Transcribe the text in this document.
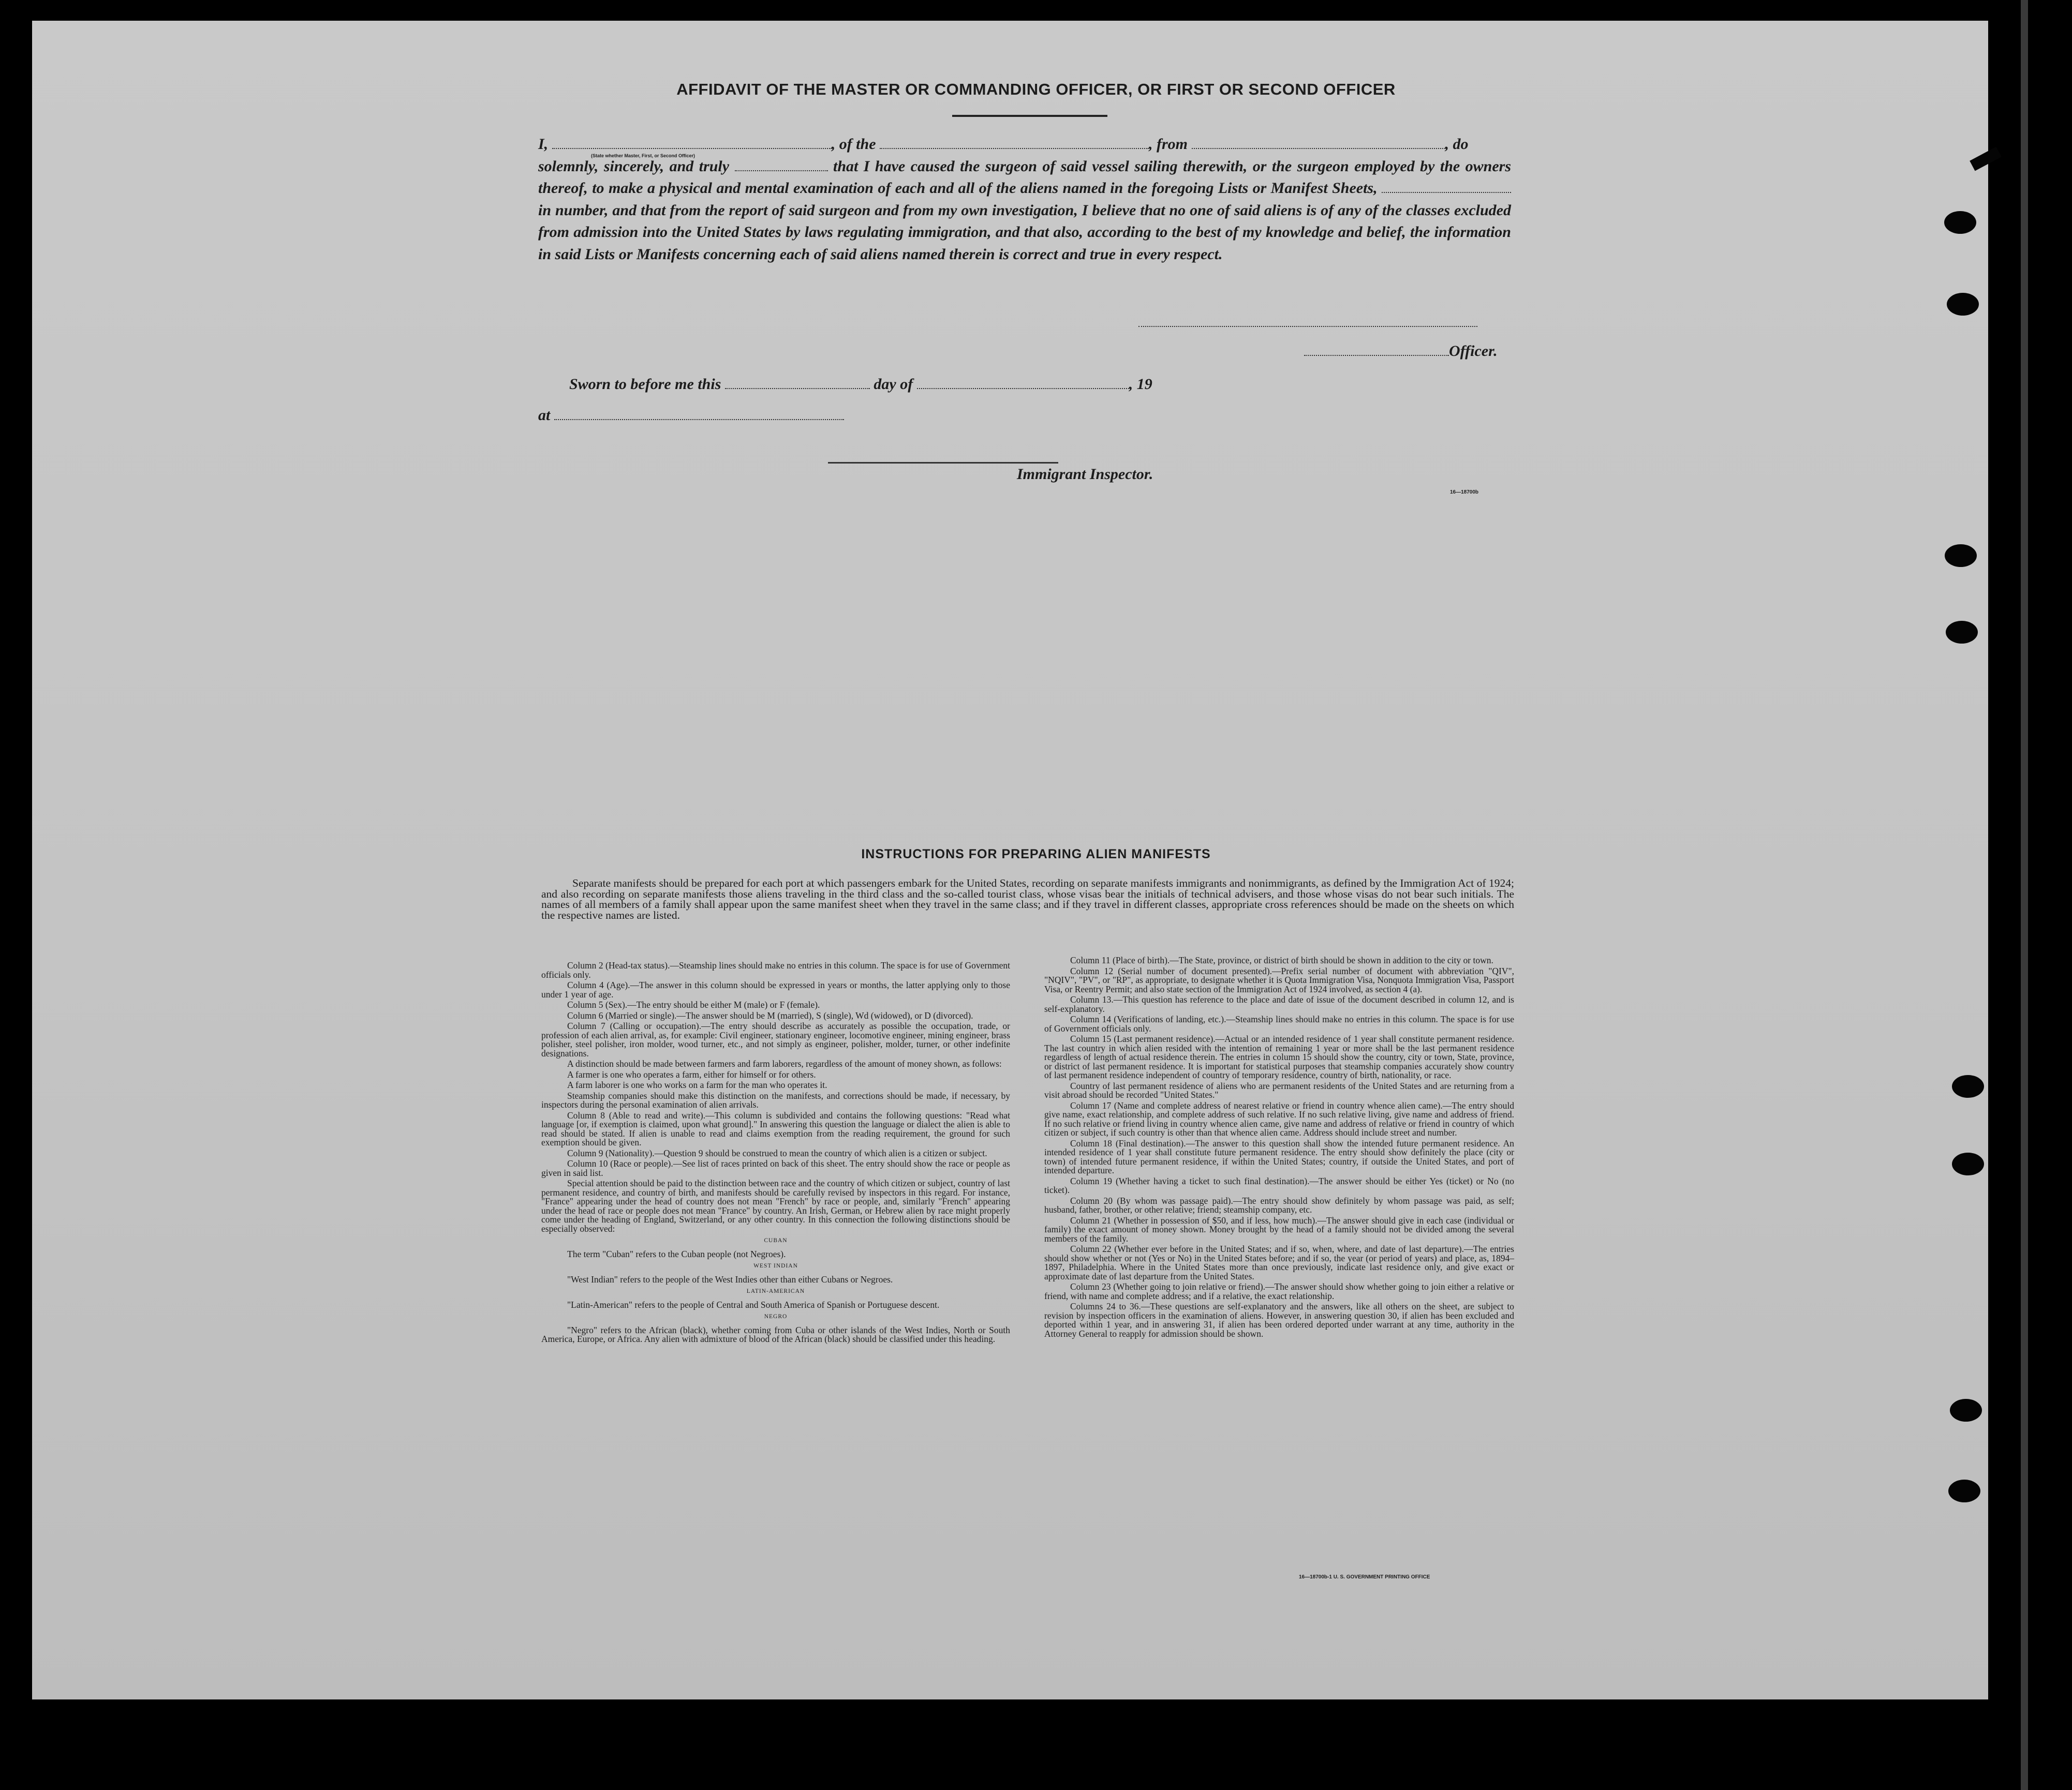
AFFIDAVIT OF THE MASTER OR COMMANDING OFFICER, OR FIRST OR SECOND OFFICER
I,	, of the	, from	, do
solemnly, sincerely, and truly	that I have caused the surgeon of said vessel sailing therewith, or the surgeon employed by the owners thereof, to make a physical and mental examination of each and all of the aliens named in the foregoing Lists or Manifest Sheets,  in number, and that from the report of said surgeon and from my own investigation, I believe that no one of said aliens is of any of the classes excluded from admission into the United States by laws regulating immigration, and that also, according to the best of my knowledge and belief, the information in said Lists or Manifests concerning each of said aliens named therein is correct and true in every respect.
(State whether Master, First, or Second Officer)
Officer.
Sworn to before me this	day of	, 19
at
Immigrant Inspector.
16—18700b
INSTRUCTIONS FOR PREPARING ALIEN MANIFESTS
Separate manifests should be prepared for each port at which passengers embark for the United States, recording on separate manifests immigrants and nonimmigrants, as defined by the Immigration Act of 1924; and also recording on separate manifests those aliens traveling in the third class and the so-called tourist class, whose visas bear the initials of technical advisers, and those whose visas do not bear such initials. The names of all members of a family shall appear upon the same manifest sheet when they travel in the same class; and if they travel in different classes, appropriate cross references should be made on the sheets on which the respective names are listed.

Column 2 (Head-tax status).—Steamship lines should make no entries in this column. The space is for use of Government officials only.

Column 4 (Age).—The answer in this column should be expressed in years or months, the latter applying only to those under 1 year of age.

Column 5 (Sex).—The entry should be either M (male) or F (female).

Column 6 (Married or single).—The answer should be M (married), S (single), Wd (widowed), or D (divorced).

Column 7 (Calling or occupation).—The entry should describe as accurately as possible the occupation, trade, or profession of each alien arrival, as, for example: Civil engineer, stationary engineer, locomotive engineer, mining engineer, brass polisher, steel polisher, iron molder, wood turner, etc., and not simply as engineer, polisher, molder, turner, or other indefinite designations.

A distinction should be made between farmers and farm laborers, regardless of the amount of money shown, as follows:

A farmer is one who operates a farm, either for himself or for others.

A farm laborer is one who works on a farm for the man who operates it.

Steamship companies should make this distinction on the manifests, and corrections should be made, if necessary, by inspectors during the personal examination of alien arrivals.

Column 8 (Able to read and write).—This column is subdivided and contains the following questions: "Read what language [or, if exemption is claimed, upon what ground]." In answering this question the language or dialect the alien is able to read should be stated. If alien is unable to read and claims exemption from the reading requirement, the ground for such exemption should be given.

Column 9 (Nationality).—Question 9 should be construed to mean the country of which alien is a citizen or subject.

Column 10 (Race or people).—See list of races printed on back of this sheet. The entry should show the race or people as given in said list.

Special attention should be paid to the distinction between race and the country of which citizen or subject, country of last permanent residence, and country of birth, and manifests should be carefully revised by inspectors in this regard. For instance, "France" appearing under the head of country does not mean "French" by race or people, and, similarly "French" appearing under the head of race or people does not mean "France" by country. An Irish, German, or Hebrew alien by race might properly come under the heading of England, Switzerland, or any other country. In this connection the following distinctions should be especially observed:

CUBAN

The term "Cuban" refers to the Cuban people (not Negroes).

WEST INDIAN

"West Indian" refers to the people of the West Indies other than either Cubans or Negroes.

LATIN-AMERICAN

"Latin-American" refers to the people of Central and South America of Spanish or Portuguese descent.

NEGRO

"Negro" refers to the African (black), whether coming from Cuba or other islands of the West Indies, North or South America, Europe, or Africa. Any alien with admixture of blood of the African (black) should be classified under this heading.

Column 11 (Place of birth).—The State, province, or district of birth should be shown in addition to the city or town.

Column 12 (Serial number of document presented).—Prefix serial number of document with abbreviation "QIV", "NQIV", "PV", or "RP", as appropriate, to designate whether it is Quota Immigration Visa, Nonquota Immigration Visa, Passport Visa, or Reentry Permit; and also state section of the Immigration Act of 1924 involved, as section 4 (a).

Column 13.—This question has reference to the place and date of issue of the document described in column 12, and is self-explanatory.

Column 14 (Verifications of landing, etc.).—Steamship lines should make no entries in this column. The space is for use of Government officials only.

Column 15 (Last permanent residence).—Actual or an intended residence of 1 year shall constitute permanent residence. The last country in which alien resided with the intention of remaining 1 year or more shall be the last permanent residence regardless of length of actual residence therein. The entries in column 15 should show the country, city or town, State, province, or district of last permanent residence. It is important for statistical purposes that steamship companies accurately show country of last permanent residence independent of country of temporary residence, country of birth, nationality, or race.

Country of last permanent residence of aliens who are permanent residents of the United States and are returning from a visit abroad should be recorded "United States."

Column 17 (Name and complete address of nearest relative or friend in country whence alien came).—The entry should give name, exact relationship, and complete address of such relative. If no such relative living, give name and address of friend. If no such relative or friend living in country whence alien came, give name and address of relative or friend in country of which citizen or subject, if such country is other than that whence alien came. Address should include street and number.

Column 18 (Final destination).—The answer to this question shall show the intended future permanent residence. An intended residence of 1 year shall constitute future permanent residence. The entry should show definitely the place (city or town) of intended future permanent residence, if within the United States; country, if outside the United States, and port of intended departure.

Column 19 (Whether having a ticket to such final destination).—The answer should be either Yes (ticket) or No (no ticket).

Column 20 (By whom was passage paid).—The entry should show definitely by whom passage was paid, as self; husband, father, brother, or other relative; friend; steamship company, etc.

Column 21 (Whether in possession of $50, and if less, how much).—The answer should give in each case (individual or family) the exact amount of money shown. Money brought by the head of a family should not be divided among the several members of the family.

Column 22 (Whether ever before in the United States; and if so, when, where, and date of last departure).—The entries should show whether or not (Yes or No) in the United States before; and if so, the year (or period of years) and place, as, 1894–1897, Philadelphia. Where in the United States more than once previously, indicate last residence only, and give exact or approximate date of last departure from the United States.

Column 23 (Whether going to join relative or friend).—The answer should show whether going to join either a relative or friend, with name and complete address; and if a relative, the exact relationship.

Columns 24 to 36.—These questions are self-explanatory and the answers, like all others on the sheet, are subject to revision by inspection officers in the examination of aliens. However, in answering question 30, if alien has been excluded and deported within 1 year, and in answering 31, if alien has been ordered deported under warrant at any time, authority in the Attorney General to reapply for admission should be shown.

16—18700b-1 U. S. GOVERNMENT PRINTING OFFICE
